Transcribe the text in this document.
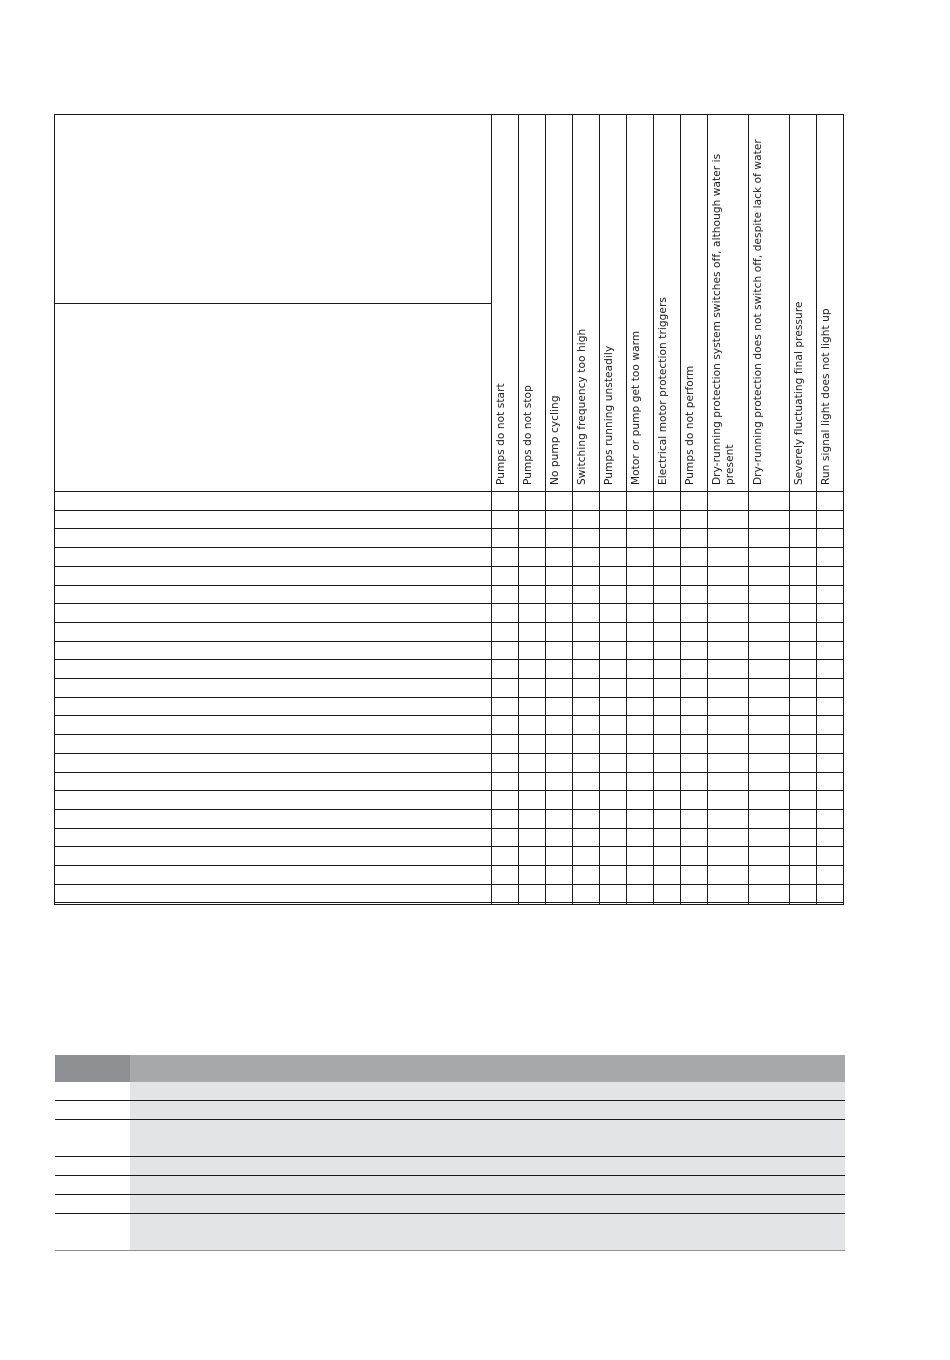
Pumps do not start Pumps do not stop No pump cycling Switching frequency too high Pumps running unsteadily Motor or pump get too warm Electrical motor protection triggers Pumps do not perform Dry-running protection system switches off, although water is present Dry-running protection does not switch off, despite lack of water	Severely fluctuating final pressure Run signal light does not light up
